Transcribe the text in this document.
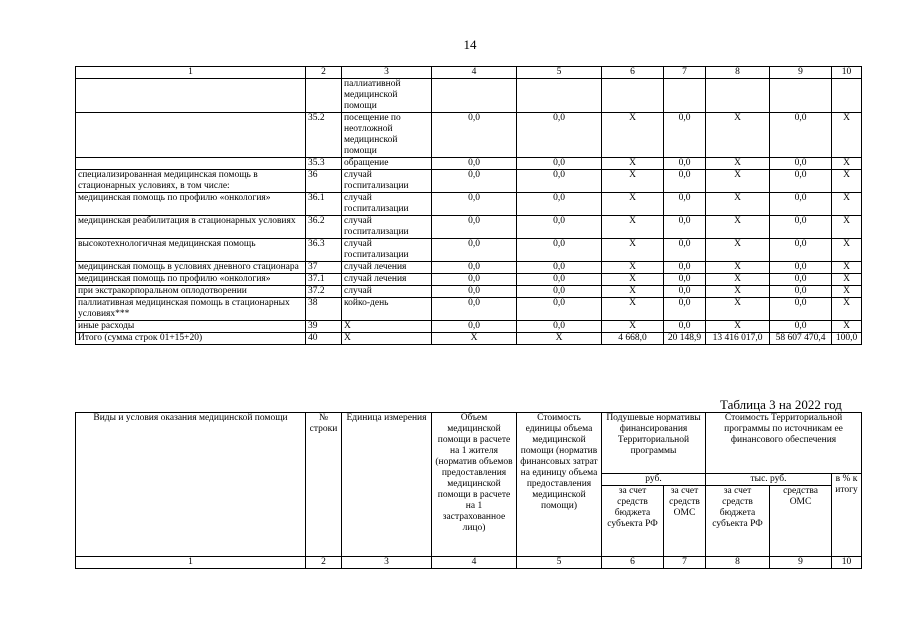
14
1	2	3	4	5	6	7	8	9	10
		паллиативной медицинской помощи							
	35.2	посещение по неотложной медицинской помощи	0,0	0,0	X	0,0	X	0,0	X
	35.3	обращение	0,0	0,0	X	0,0	X	0,0	X
специализированная медицинская помощь в стационарных условиях, в том числе:	36	случай госпитализации	0,0	0,0	X	0,0	X	0,0	X
медицинская помощь по профилю «онкология»	36.1	случай госпитализации	0,0	0,0	X	0,0	X	0,0	X
медицинская реабилитация в стационарных условиях	36.2	случай госпитализации	0,0	0,0	X	0,0	X	0,0	X
высокотехнологичная медицинская помощь	36.3	случай госпитализации	0,0	0,0	X	0,0	X	0,0	X
медицинская помощь в условиях дневного стационара	37	случай лечения	0,0	0,0	X	0,0	X	0,0	X
медицинская помощь по профилю «онкология»	37.1	случай лечения	0,0	0,0	X	0,0	X	0,0	X
при экстракорпоральном оплодотворении	37.2	случай	0,0	0,0	X	0,0	X	0,0	X
паллиативная медицинская помощь в стационарных условиях***	38	койко-день	0,0	0,0	X	0,0	X	0,0	X
иные расходы	39	X	0,0	0,0	X	0,0	X	0,0	X
Итого (сумма строк 01+15+20)	40	X	X	X	4 668,0	20 148,9	13 416 017,0	58 607 470,4	100,0
Таблица 3 на 2022 год
Виды и условия оказания медицинской помощи	№ строки	Единица измерения	Объем медицинской помощи в расчете на 1 жителя (норматив объемов предоставления медицинской помощи в расчете на 1 застрахованное лицо)	Стоимость единицы объема медицинской помощи (норматив финансовых затрат на единицу объема предоставления медицинской помощи)	Подушевые нормативы финансирования Территориальной программы		Стоимость Территориальной программы по источникам ее финансового обеспечения		
					руб.		тыс. руб.		в % к итогу
					за счет средств бюджета субъекта РФ	за счет средств ОМС	за счет средств бюджета субъекта РФ	средства ОМС	
1	2	3	4	5	6	7	8	9	10
